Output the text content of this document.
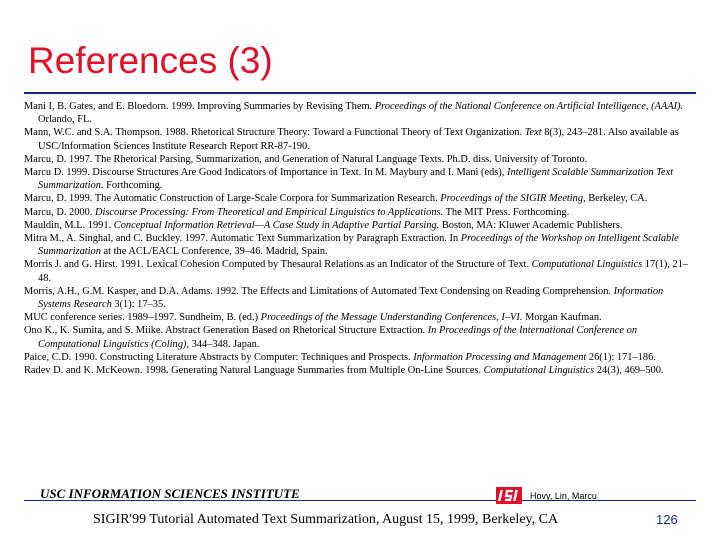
References (3)
Mani I, B. Gates, and E. Bloedorn. 1999. Improving Summaries by Revising Them. Proceedings of the National Conference on Artificial Intelligence, (AAAI). Orlando, FL.
Mann, W.C. and S.A. Thompson. 1988. Rhetorical Structure Theory: Toward a Functional Theory of Text Organization. Text 8(3), 243–281. Also available as USC/Information Sciences Institute Research Report RR-87-190.
Marcu, D. 1997. The Rhetorical Parsing, Summarization, and Generation of Natural Language Texts. Ph.D. diss. University of Toronto.
Marcu D. 1999. Discourse Structures Are Good Indicators of Importance in Text. In M. Maybury and I. Mani (eds), Intelligent Scalable Summarization Text Summarization. Forthcoming.
Marcu, D. 1999. The Automatic Construction of Large-Scale Corpora for Summarization Research. Proceedings of the SIGIR Meeting, Berkeley, CA.
Marcu, D. 2000. Discourse Processing: From Theoretical and Empirical Linguistics to Applications. The MIT Press. Forthcoming.
Mauldin, M.L. 1991. Conceptual Information Retrieval—A Case Study in Adaptive Partial Parsing. Boston, MA: Kluwer Academic Publishers.
Mitra M., A. Singhal, and C. Buckley. 1997. Automatic Text Summarization by Paragraph Extraction. In Proceedings of the Workshop on Intelligent Scalable Summarization at the ACL/EACL Conference, 39–46. Madrid, Spain.
Morris J. and G. Hirst. 1991. Lexical Cohesion Computed by Thesaural Relations as an Indicator of the Structure of Text. Computational Linguistics 17(1), 21–48.
Morris, A.H., G.M. Kasper, and D.A. Adams. 1992. The Effects and Limitations of Automated Text Condensing on Reading Comprehension. Information Systems Research 3(1): 17–35.
MUC conference series. 1989–1997. Sundheim, B. (ed.) Proceedings of the Message Understanding Conferences, I–VI. Morgan Kaufman.
Ono K., K. Sumita, and S. Miike. Abstract Generation Based on Rhetorical Structure Extraction. In Proceedings of the International Conference on Computational Linguistics (Coling), 344–348. Japan.
Paice, C.D. 1990. Constructing Literature Abstracts by Computer: Techniques and Prospects. Information Processing and Management 26(1): 171–186.
Radev D. and K. McKeown. 1998. Generating Natural Language Summaries from Multiple On-Line Sources. Computational Linguistics 24(3), 469–500.
USC INFORMATION SCIENCES INSTITUTE	Hovy, Lin, Marcu
SIGIR'99 Tutorial Automated Text Summarization, August 15, 1999, Berkeley, CA	126
